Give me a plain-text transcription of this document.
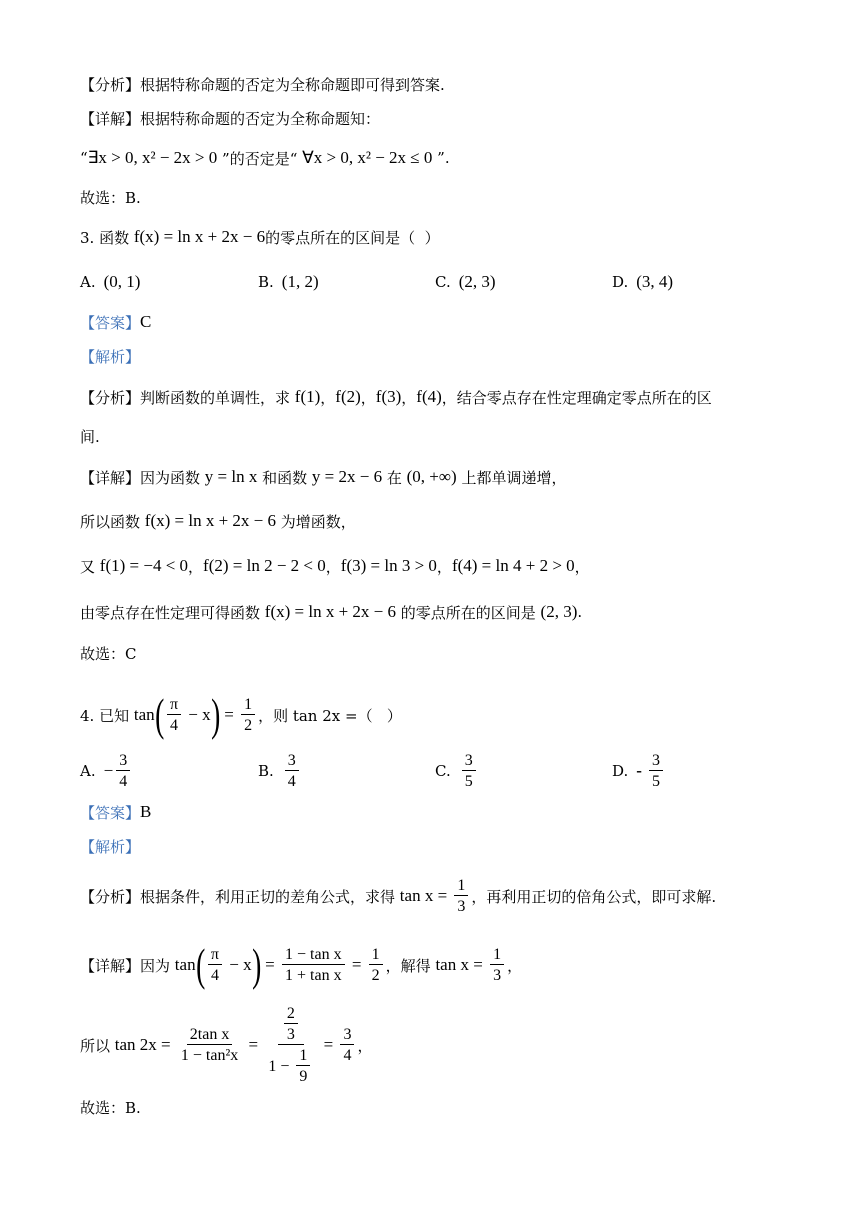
【分析】 根据特称命题的否定为全称命题即可得到答案.
【详解】 根据特称命题的否定为全称命题知：
“ ∃x > 0, x² − 2x > 0 ”的否定是“ ∀x > 0, x² − 2x ≤ 0 ”.
故选：B.
3. 函数 f(x) = ln x + 2x − 6 的零点所在的区间是（  ）
A. (0, 1)	B. (1, 2)	C. (2, 3)	D. (3, 4)
【答案】 C
【解析】
【分析】 判断函数的单调性，求 f(1) ， f(2) ， f(3) ， f(4) ， 结合零点存在性定理确定零点所在的区
间.
【详解】 因为函数 y = ln x 和函数 y = 2x − 6 在 (0, +∞) 上都单调递增，
所以函数 f(x) = ln x + 2x − 6 为增函数，
又 f(1) = −4 < 0 ， f(2) = ln 2 − 2 < 0 ， f(3) = ln 3 > 0 ， f(4) = ln 4 + 2 > 0 ，
由零点存在性定理可得函数 f(x) = ln x + 2x − 6 的零点所在的区间是 (2, 3) .
故选：C
4. 已知 tan ( $\frac{\pi}{4} - x$ ) = $\frac{1}{2}$ ，则 tan 2x =（   ）
A. − $\frac{3}{4}$	B. $\frac{3}{4}$	C. $\frac{3}{5}$	D. - $\frac{3}{5}$
【答案】 B
【解析】
【分析】 根据条件，利用正切的差角公式，求得 $\tan x = \frac{1}{3}$ ，再利用正切的倍角公式，即可求解.
【详解】 因为 tan ( $\frac{\pi}{4} - x$ ) = $\frac{\text{1 − tan x}}{\text{1 + tan x}} = \frac{1}{2}$ ，解得 $\tan x = \frac{1}{3}$ ，
所以 $\tan 2x = \frac{\text{2tan x}}{\text{1 − tan²x}} = \frac{\frac{2}{3}}{1 - \frac{1}{9}} = \frac{3}{4}$ ，
故选：B.
